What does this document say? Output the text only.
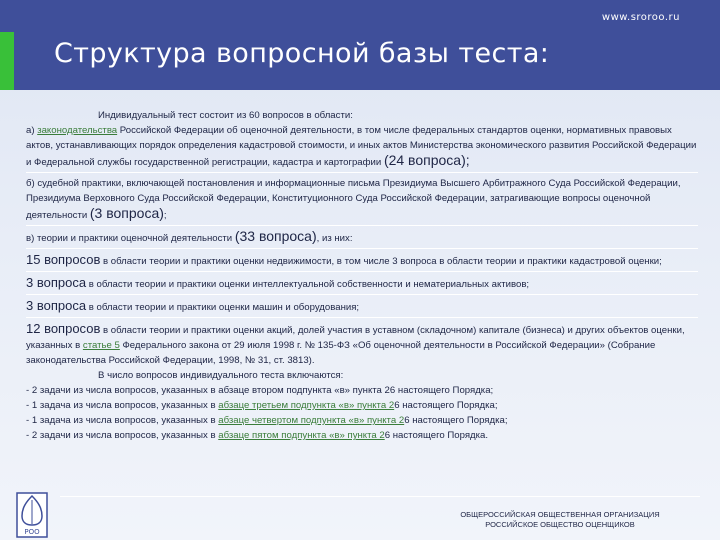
www.sroroo.ru
Структура вопросной базы теста:

Индивидуальный тест состоит из 60 вопросов в области:

а) законодательства Российской Федерации об оценочной деятельности, в том числе федеральных стандартов оценки, нормативных правовых актов, устанавливающих порядок определения кадастровой стоимости, и иных актов Министерства экономического развития Российской Федерации и Федеральной службы государственной регистрации, кадастра и картографии (24 вопроса);

б) судебной практики, включающей постановления и информационные письма Президиума Высшего Арбитражного Суда Российской Федерации, Президиума Верховного Суда Российской Федерации, Конституционного Суда Российской Федерации, затрагивающие вопросы оценочной деятельности (3 вопроса);

в) теории и практики оценочной деятельности (33 вопроса), из них:

15 вопросов в области теории и практики оценки недвижимости, в том числе 3 вопроса в области теории и практики кадастровой оценки;

3 вопроса в области теории и практики оценки интеллектуальной собственности и нематериальных активов;

3 вопроса в области теории и практики оценки машин и оборудования;

12 вопросов в области теории и практики оценки акций, долей участия в уставном (складочном) капитале (бизнеса) и других объектов оценки, указанных в статье 5 Федерального закона от 29 июля 1998 г. № 135-ФЗ «Об оценочной деятельности в Российской Федерации» (Собрание законодательства Российской Федерации, 1998, № 31, ст. 3813).

В число вопросов индивидуального теста включаются:

- 2 задачи из числа вопросов, указанных в абзаце втором подпункта «в» пункта 26 настоящего Порядка;

- 1 задача из числа вопросов, указанных в абзаце третьем подпункта «в» пункта 26 настоящего Порядка;

- 1 задача из числа вопросов, указанных в абзаце четвертом подпункта «в» пункта 26 настоящего Порядка;

- 2 задачи из числа вопросов, указанных в абзаце пятом подпункта «в» пункта 26 настоящего Порядка.

РОО
ОБЩЕРОССИЙСКАЯ ОБЩЕСТВЕННАЯ ОРГАНИЗАЦИЯ
РОССИЙСКОЕ ОБЩЕСТВО ОЦЕНЩИКОВ
